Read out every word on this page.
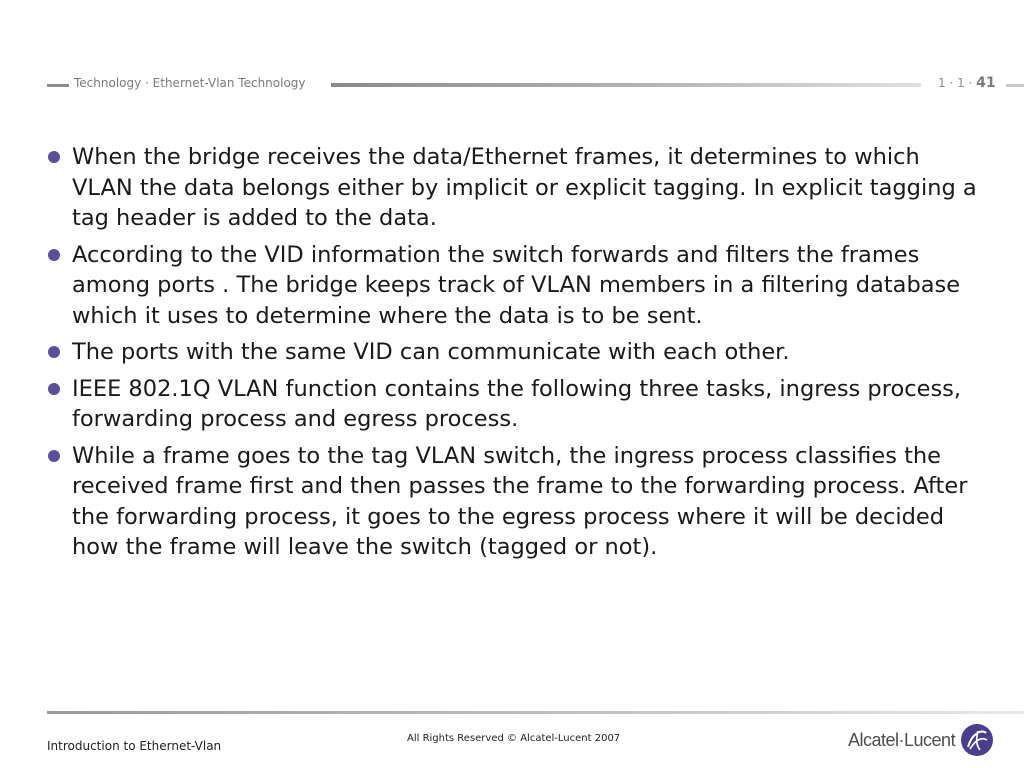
Technology · Ethernet-Vlan Technology	1 · 1 · 41
When the bridge receives the data/Ethernet frames, it determines to which VLAN the data belongs either by implicit or explicit tagging. In explicit tagging a tag header is added to the data.
According to the VID information the switch forwards and filters the frames among ports . The bridge keeps track of VLAN members in a filtering database which it uses to determine where the data is to be sent.
The ports with the same VID can communicate with each other.
IEEE 802.1Q VLAN function contains the following three tasks, ingress process, forwarding process and egress process.
While a frame goes to the tag VLAN switch, the ingress process classifies the received frame first and then passes the frame to the forwarding process. After the forwarding process, it goes to the egress process where it will be decided how the frame will leave the switch (tagged or not).
Introduction to Ethernet-Vlan
All Rights Reserved © Alcatel-Lucent 2007	Alcatel·Lucent
